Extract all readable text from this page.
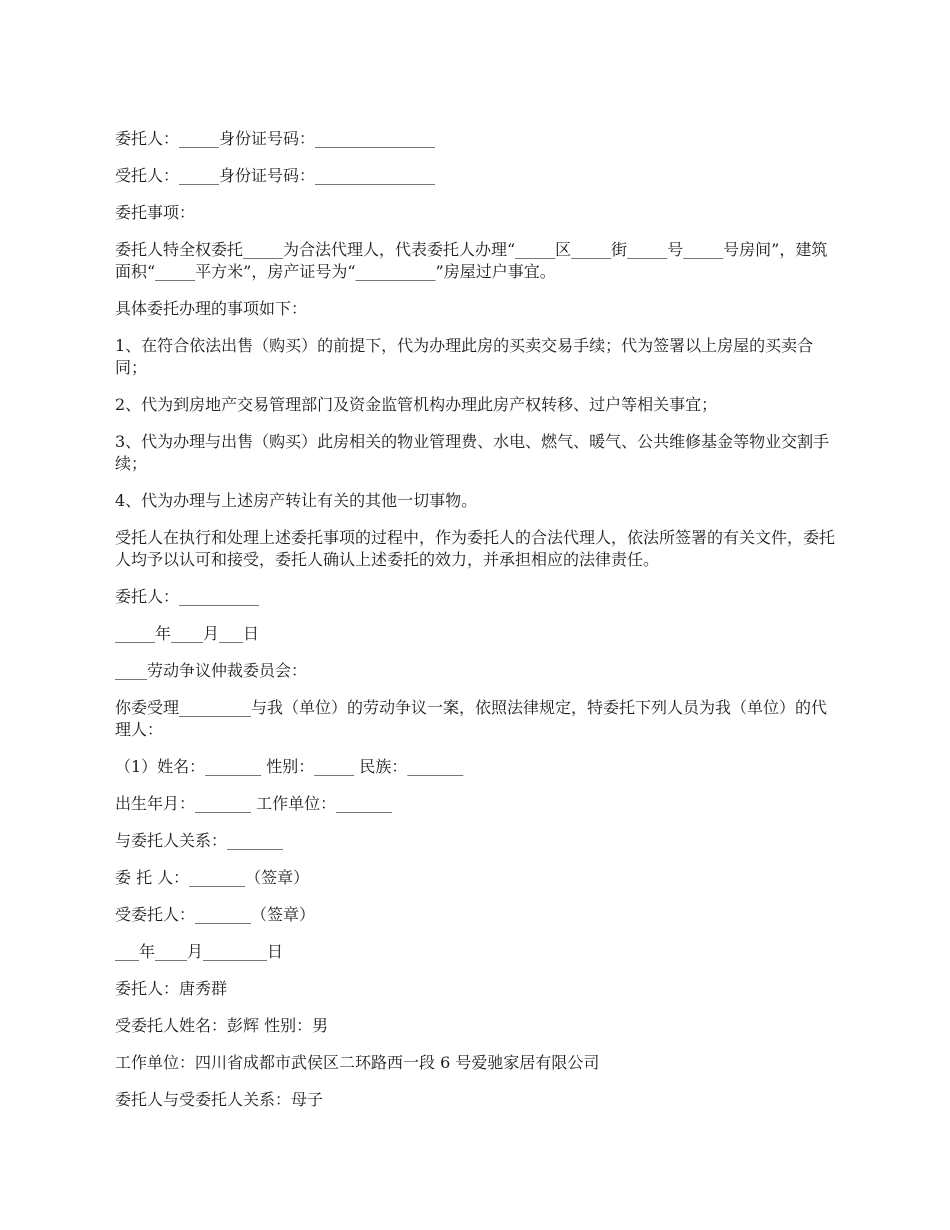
委托人：_____身份证号码：_______________

受托人：_____身份证号码：_______________

委托事项：

委托人特全权委托_____为合法代理人，代表委托人办理“_____区_____街_____号_____号房间”，建筑面积“_____平方米”，房产证号为“__________”房屋过户事宜。

具体委托办理的事项如下：

1、在符合依法出售（购买）的前提下，代为办理此房的买卖交易手续；代为签署以上房屋的买卖合同；

2、代为到房地产交易管理部门及资金监管机构办理此房产权转移、过户等相关事宜；

3、代为办理与出售（购买）此房相关的物业管理费、水电、燃气、暖气、公共维修基金等物业交割手续；

4、代为办理与上述房产转让有关的其他一切事物。

受托人在执行和处理上述委托事项的过程中，作为委托人的合法代理人，依法所签署的有关文件，委托人均予以认可和接受，委托人确认上述委托的效力，并承担相应的法律责任。

委托人：__________

_____年____月___日

____劳动争议仲裁委员会：

你委受理_________与我（单位）的劳动争议一案，依照法律规定，特委托下列人员为我（单位）的代理人：

（1）姓名：_______ 性别：_____ 民族：_______

出生年月：_______ 工作单位：_______

与委托人关系：_______

委 托 人：_______（签章）

受委托人：_______（签章）

___年____月________日

委托人：唐秀群

受委托人姓名：彭辉 性别：男

工作单位：四川省成都市武侯区二环路西一段 6 号爱驰家居有限公司

委托人与受委托人关系：母子
